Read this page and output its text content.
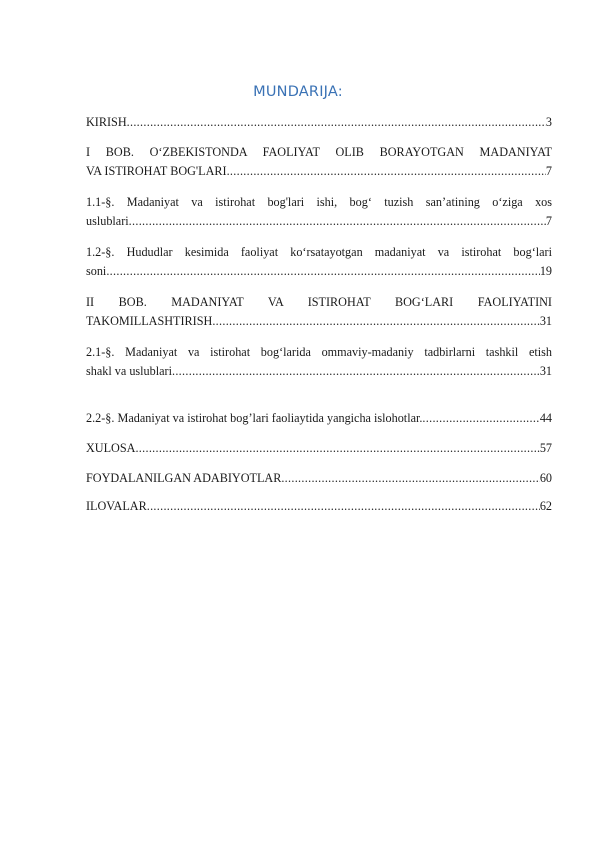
MUNDARIJA:
KIRISH .....	3
I BOB. O‘ZBEKISTONDA FAOLIYAT OLIB BORAYOTGAN MADANIYAT
VA ISTIROHAT BOG'LARI .....	7
1.1-§. Madaniyat va istirohat bog'lari ishi, bog‘ tuzish san’atining o‘ziga xos
uslublari .....	7
1.2-§. Hududlar kesimida faoliyat ko‘rsatayotgan madaniyat va istirohat bog‘lari
soni .....	19
II BOB. MADANIYAT VA ISTIROHAT BOG‘LARI FAOLIYATINI
TAKOMILLASHTIRISH .....	31
2.1-§. Madaniyat va istirohat bog‘larida ommaviy-madaniy tadbirlarni tashkil etish
shakl va uslublari .....	31
2.2-§. Madaniyat va istirohat bog’lari faoliaytida yangicha islohotlar. .....	44
XULOSA .....	57
FOYDALANILGAN ADABIYOTLAR .....	60
ILOVALAR .....	62
